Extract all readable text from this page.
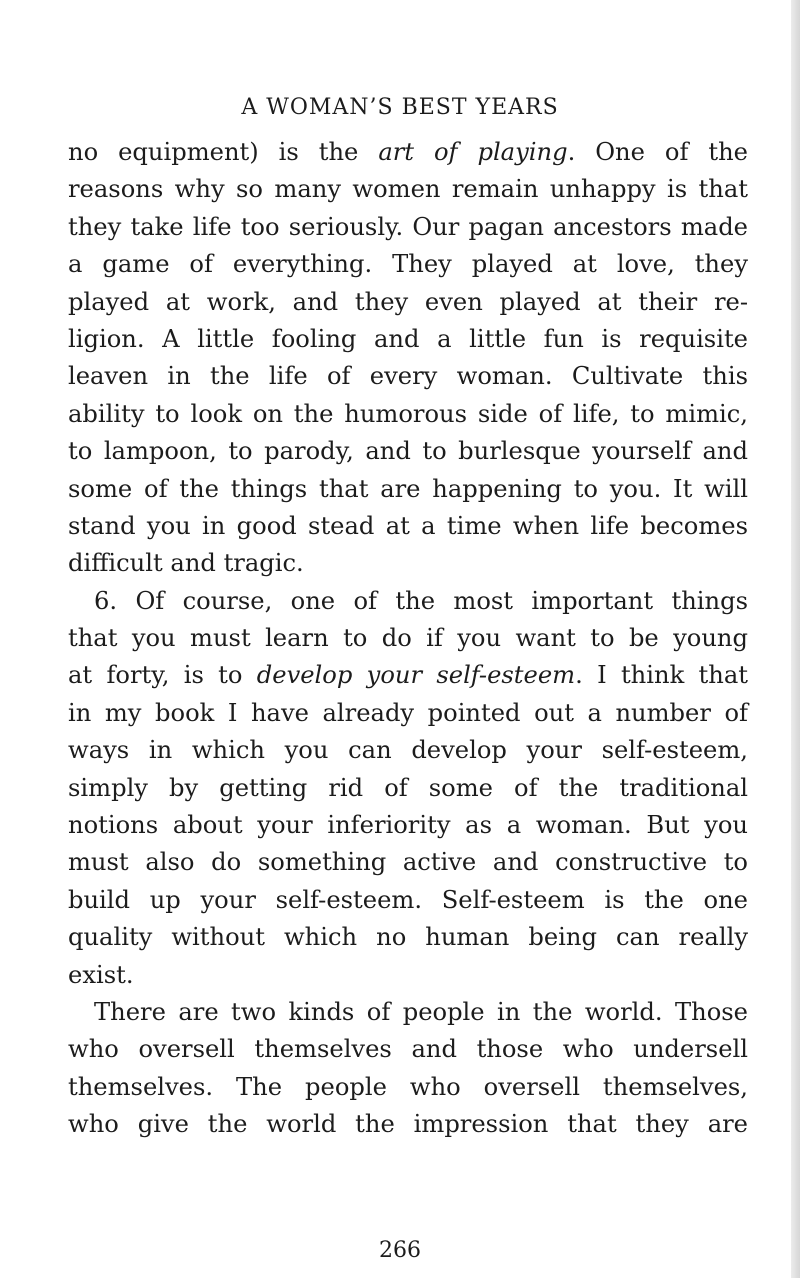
A WOMAN’S BEST YEARS
no equipment) is the art of playing. One of the
reasons why so many women remain unhappy is that
they take life too seriously. Our pagan ancestors made
a game of everything. They played at love, they
played at work, and they even played at their re-
ligion. A little fooling and a little fun is requisite
leaven in the life of every woman. Cultivate this
ability to look on the humorous side of life, to mimic,
to lampoon, to parody, and to burlesque yourself and
some of the things that are happening to you. It will
stand you in good stead at a time when life becomes
difficult and tragic.
6. Of course, one of the most important things
that you must learn to do if you want to be young
at forty, is to develop your self-esteem. I think that
in my book I have already pointed out a number of
ways in which you can develop your self-esteem,
simply by getting rid of some of the traditional
notions about your inferiority as a woman. But you
must also do something active and constructive to
build up your self-esteem. Self-esteem is the one
quality without which no human being can really
exist.
There are two kinds of people in the world. Those
who oversell themselves and those who undersell
themselves. The people who oversell themselves,
who give the world the impression that they are
266
